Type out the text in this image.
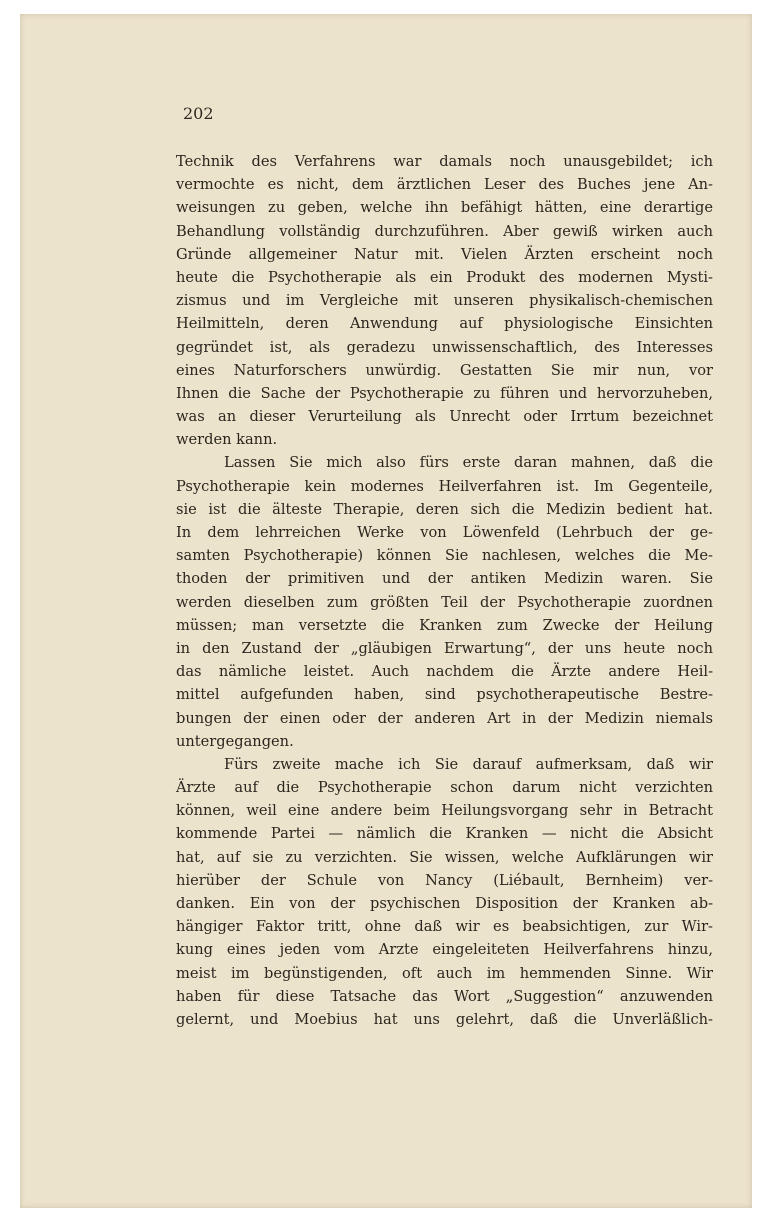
202

Technik des Verfahrens war damals noch unausgebildet; ich
vermochte es nicht, dem ärztlichen Leser des Buches jene An-
weisungen zu geben, welche ihn befähigt hätten, eine derartige
Behandlung vollständig durchzuführen. Aber gewiß wirken auch
Gründe allgemeiner Natur mit. Vielen Ärzten erscheint noch
heute die Psychotherapie als ein Produkt des modernen Mysti-
zismus und im Vergleiche mit unseren physikalisch-chemischen
Heilmitteln, deren Anwendung auf physiologische Einsichten
gegründet ist, als geradezu unwissenschaftlich, des Interesses
eines Naturforschers unwürdig. Gestatten Sie mir nun, vor
Ihnen die Sache der Psychotherapie zu führen und hervorzuheben,
was an dieser Verurteilung als Unrecht oder Irrtum bezeichnet
werden kann.
Lassen Sie mich also fürs erste daran mahnen, daß die
Psychotherapie kein modernes Heilverfahren ist. Im Gegenteile,
sie ist die älteste Therapie, deren sich die Medizin bedient hat.
In dem lehrreichen Werke von Löwenfeld (Lehrbuch der ge-
samten Psychotherapie) können Sie nachlesen, welches die Me-
thoden der primitiven und der antiken Medizin waren. Sie
werden dieselben zum größten Teil der Psychotherapie zuordnen
müssen; man versetzte die Kranken zum Zwecke der Heilung
in den Zustand der „gläubigen Erwartung“, der uns heute noch
das nämliche leistet. Auch nachdem die Ärzte andere Heil-
mittel aufgefunden haben, sind psychotherapeutische Bestre-
bungen der einen oder der anderen Art in der Medizin niemals
untergegangen.
Fürs zweite mache ich Sie darauf aufmerksam, daß wir
Ärzte auf die Psychotherapie schon darum nicht verzichten
können, weil eine andere beim Heilungsvorgang sehr in Betracht
kommende Partei — nämlich die Kranken — nicht die Absicht
hat, auf sie zu verzichten. Sie wissen, welche Aufklärungen wir
hierüber der Schule von Nancy (Liébault, Bernheim) ver-
danken. Ein von der psychischen Disposition der Kranken ab-
hängiger Faktor tritt, ohne daß wir es beabsichtigen, zur Wir-
kung eines jeden vom Arzte eingeleiteten Heilverfahrens hinzu,
meist im begünstigenden, oft auch im hemmenden Sinne. Wir
haben für diese Tatsache das Wort „Suggestion“ anzuwenden
gelernt, und Moebius hat uns gelehrt, daß die Unverläßlich-
